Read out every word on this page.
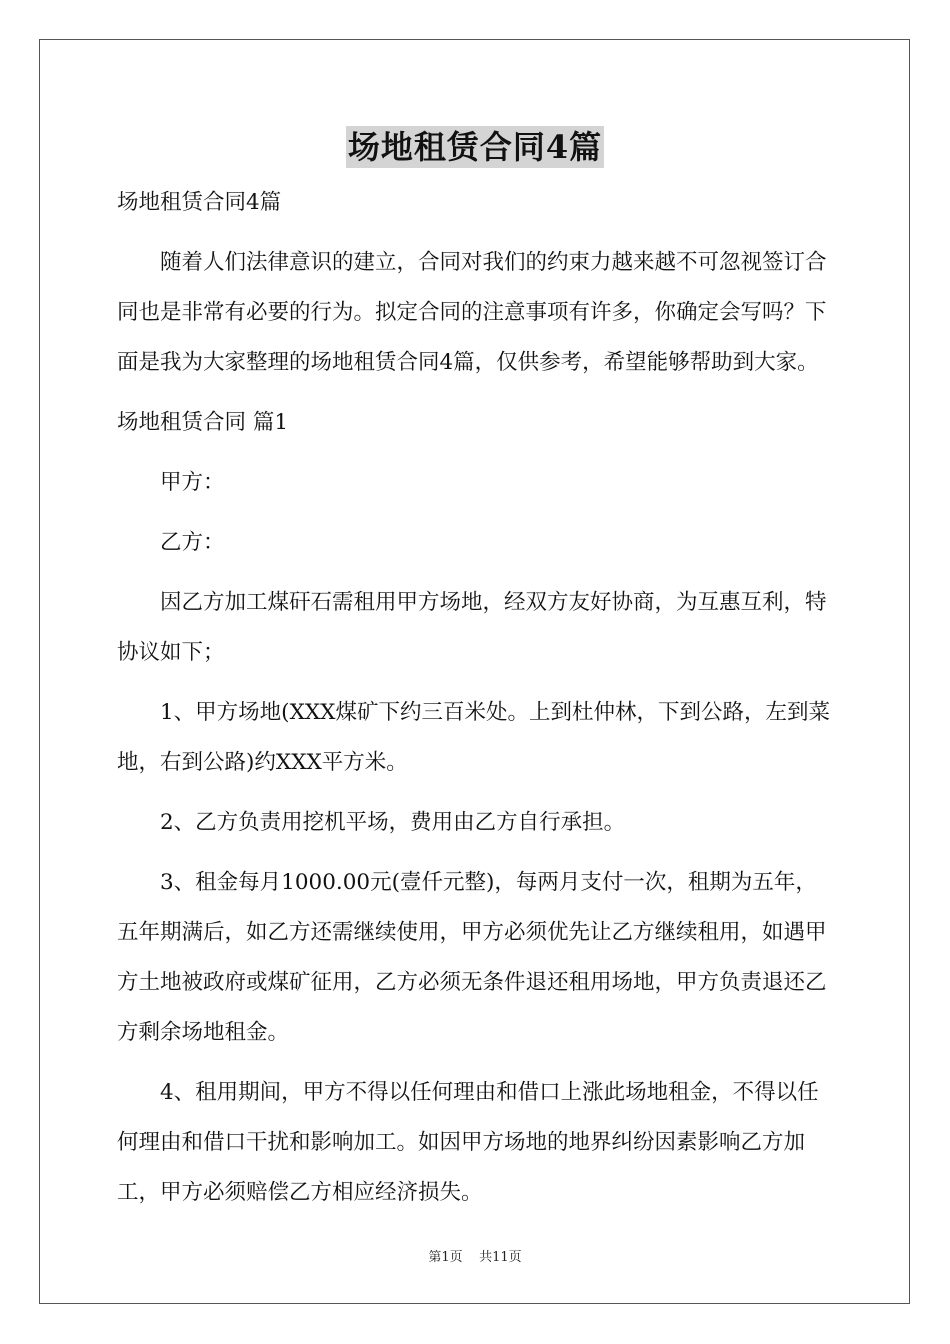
场地租赁合同4篇

场地租赁合同4篇

随着人们法律意识的建立，合同对我们的约束力越来越不可忽视签订合同也是非常有必要的行为。拟定合同的注意事项有许多，你确定会写吗？下面是我为大家整理的场地租赁合同4篇，仅供参考，希望能够帮助到大家。

场地租赁合同 篇1

甲方：

乙方：

因乙方加工煤矸石需租用甲方场地，经双方友好协商，为互惠互利，特协议如下；

1、甲方场地(XXX煤矿下约三百米处。上到杜仲林，下到公路，左到菜地，右到公路)约XXX平方米。

2、乙方负责用挖机平场，费用由乙方自行承担。

3、租金每月1000.00元(壹仟元整)，每两月支付一次，租期为五年，五年期满后，如乙方还需继续使用，甲方必须优先让乙方继续租用，如遇甲方土地被政府或煤矿征用，乙方必须无条件退还租用场地，甲方负责退还乙方剩余场地租金。

4、租用期间，甲方不得以任何理由和借口上涨此场地租金，不得以任何理由和借口干扰和影响加工。如因甲方场地的地界纠纷因素影响乙方加工，甲方必须赔偿乙方相应经济损失。

第1页 共11页
